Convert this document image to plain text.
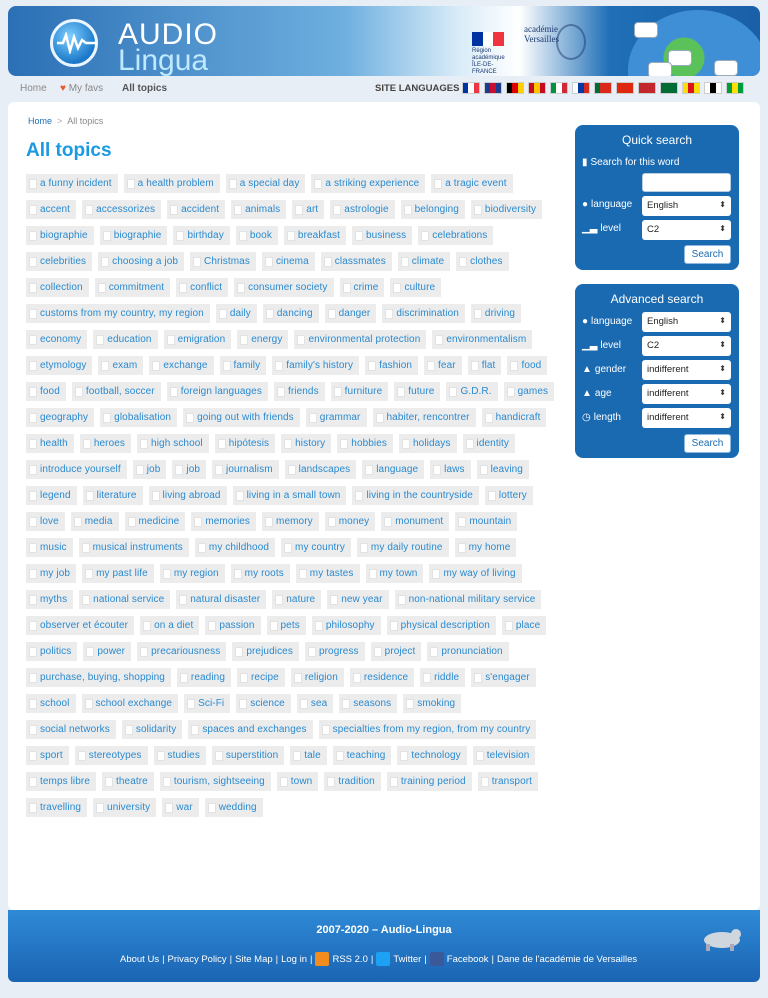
AUDIO
Lingua	Région académique ÎLE-DE-FRANCE
académie Versailles
Home ♥ My favs All topics	SITE LANGUAGES
Home > All topics
All topics
a funny incident	a health problem	a special day	a striking experience	a tragic event
accent	accessorizes	accident	animals	art	astrologie	belonging	biodiversity
biographie	biographie	birthday	book	breakfast	business	celebrations
celebrities	choosing a job	Christmas	cinema	classmates	climate	clothes
collection	commitment	conflict	consumer society	crime	culture
customs from my country, my region	daily	dancing	danger	discrimination	driving
economy	education	emigration	energy	environmental protection	environmentalism
etymology	exam	exchange	family	family's history	fashion	fear	flat	food
food	football, soccer	foreign languages	friends	furniture	future	G.D.R.	games
geography	globalisation	going out with friends	grammar	habiter, rencontrer	handicraft
health	heroes	high school	hipótesis	history	hobbies	holidays	identity
introduce yourself	job	job	journalism	landscapes	language	laws	leaving
legend	literature	living abroad	living in a small town	living in the countryside	lottery
love	media	medicine	memories	memory	money	monument	mountain
music	musical instruments	my childhood	my country	my daily routine	my home
my job	my past life	my region	my roots	my tastes	my town	my way of living
myths	national service	natural disaster	nature	new year	non-national military service
observer et écouter	on a diet	passion	pets	philosophy	physical description	place
politics	power	precariousness	prejudices	progress	project	pronunciation
purchase, buying, shopping	reading	recipe	religion	residence	riddle	s'engager
school	school exchange	Sci-Fi	science	sea	seasons	smoking
social networks	solidarity	spaces and exchanges	specialties from my region, from my country
sport	stereotypes	studies	superstition	tale	teaching	technology	television
temps libre	theatre	tourism, sightseeing	town	tradition	training period	transport
travelling	university	war	wedding
Quick search
▮ Search for this word
● language English	⬍
▁▃ level	C2	⬍
Search
Advanced search
● language English	⬍
▁▃ level	C2	⬍
▲ gender indifferent	⬍
▲ age	indifferent	⬍
◷ length	indifferent	⬍
Search
2007-2020 – Audio-Lingua
About Us | Privacy Policy | Site Map | Log in | RSS 2.0 | Twitter | Facebook | Dane de l'académie de Versailles
